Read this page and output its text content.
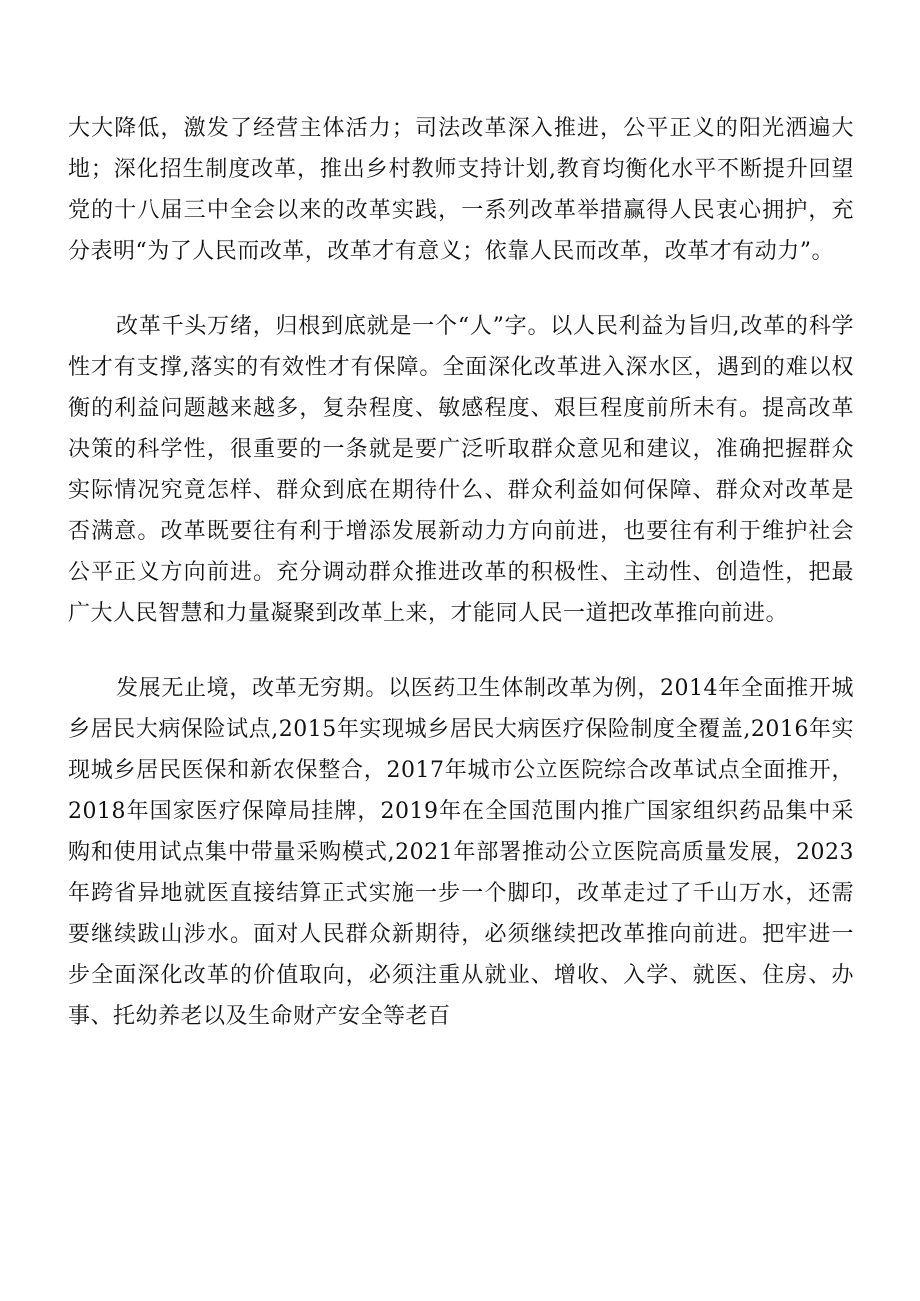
大大降低，激发了经营主体活力；司法改革深入推进，公平正义的阳光洒遍大地；深化招生制度改革，推出乡村教师支持计划,教育均衡化水平不断提升回望党的十八届三中全会以来的改革实践，一系列改革举措赢得人民衷心拥护，充分表明“为了人民而改革，改革才有意义；依靠人民而改革，改革才有动力”。

改革千头万绪，归根到底就是一个“人”字。以人民利益为旨归,改革的科学性才有支撑,落实的有效性才有保障。全面深化改革进入深水区，遇到的难以权衡的利益问题越来越多，复杂程度、敏感程度、艰巨程度前所未有。提高改革决策的科学性，很重要的一条就是要广泛听取群众意见和建议，准确把握群众实际情况究竟怎样、群众到底在期待什么、群众利益如何保障、群众对改革是否满意。改革既要往有利于增添发展新动力方向前进，也要往有利于维护社会公平正义方向前进。充分调动群众推进改革的积极性、主动性、创造性，把最广大人民智慧和力量凝聚到改革上来，才能同人民一道把改革推向前进。

发展无止境，改革无穷期。以医药卫生体制改革为例，2014年全面推开城乡居民大病保险试点,2015年实现城乡居民大病医疗保险制度全覆盖,2016年实现城乡居民医保和新农保整合，2017年城市公立医院综合改革试点全面推开，2018年国家医疗保障局挂牌，2019年在全国范围内推广国家组织药品集中采购和使用试点集中带量采购模式,2021年部署推动公立医院高质量发展，2023年跨省异地就医直接结算正式实施一步一个脚印，改革走过了千山万水，还需要继续跋山涉水。面对人民群众新期待，必须继续把改革推向前进。把牢进一步全面深化改革的价值取向，必须注重从就业、增收、入学、就医、住房、办事、托幼养老以及生命财产安全等老百
